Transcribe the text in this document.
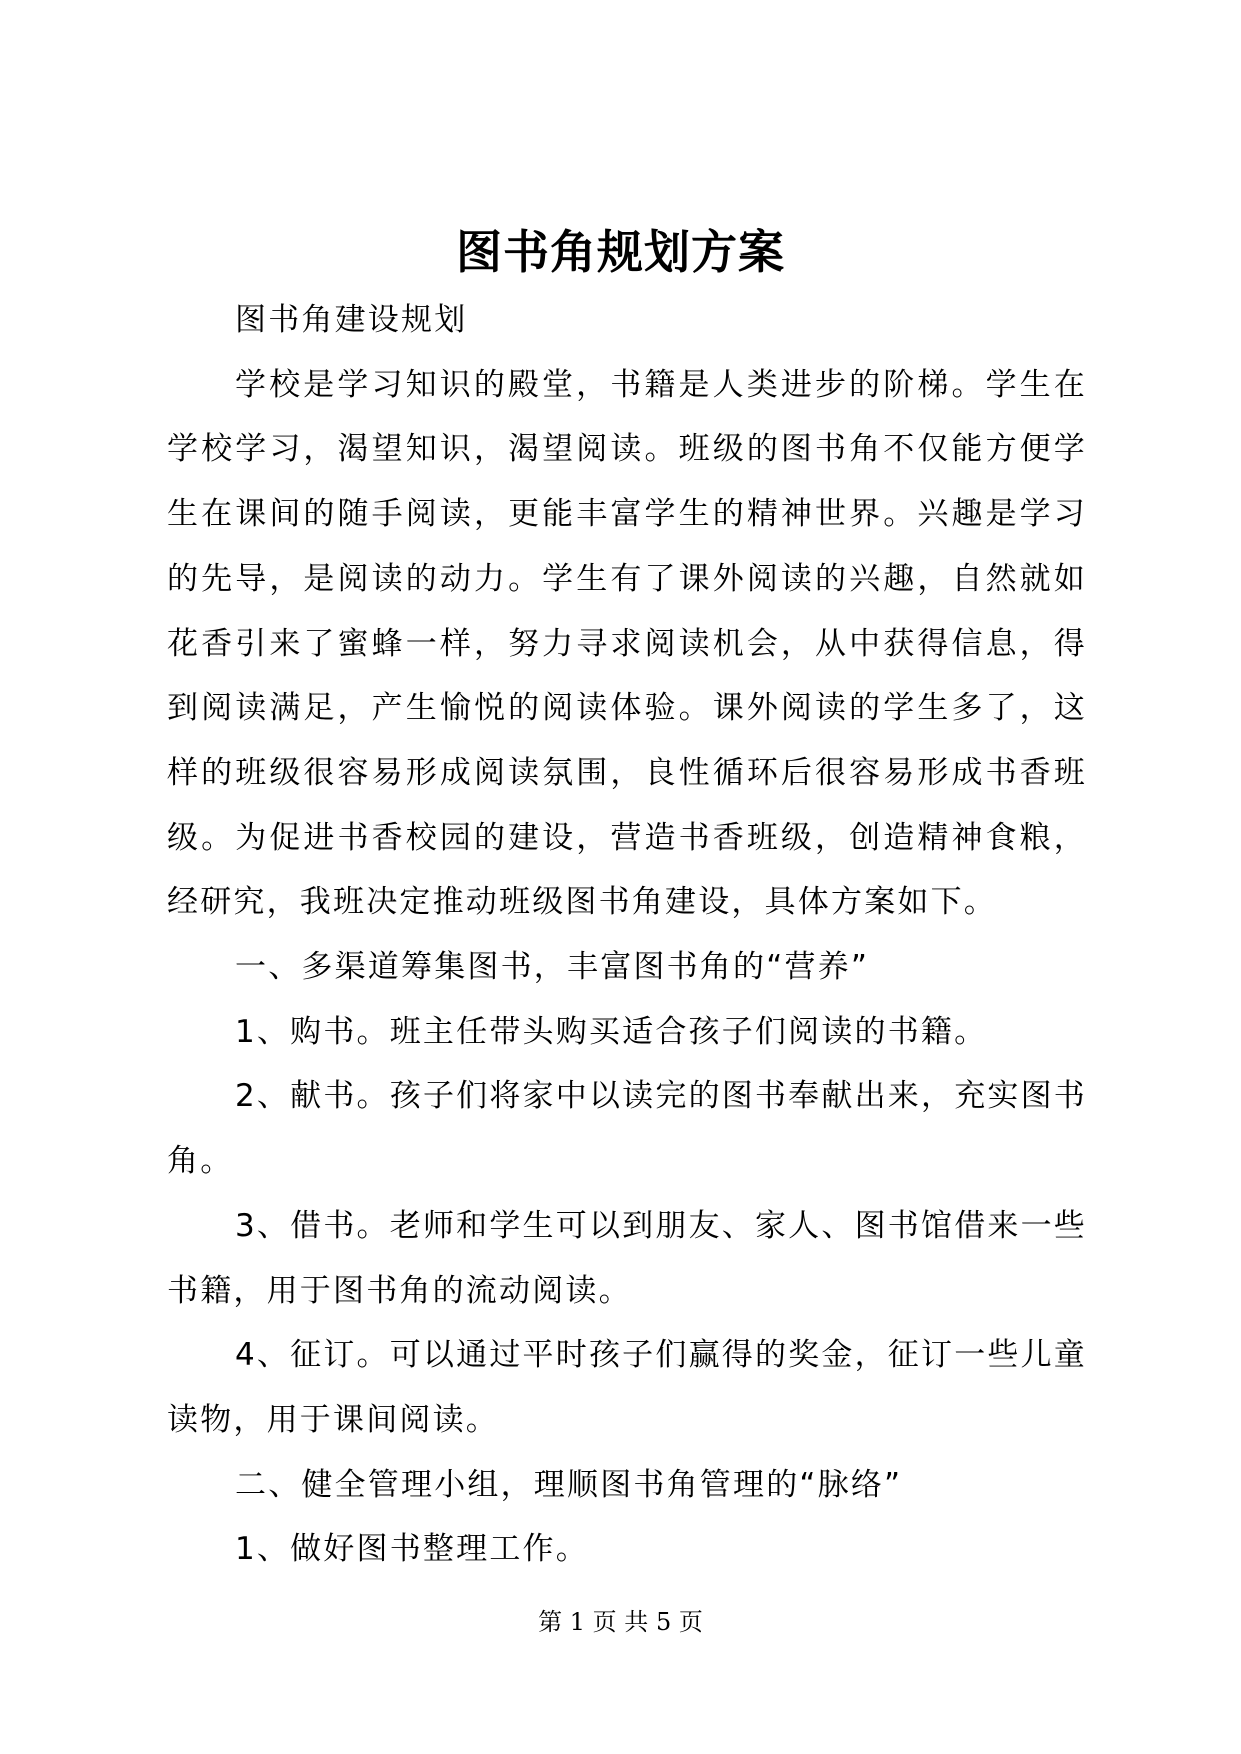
图书角规划方案

图书角建设规划

学校是学习知识的殿堂，书籍是人类进步的阶梯。学生在学校学习，渴望知识，渴望阅读。班级的图书角不仅能方便学生在课间的随手阅读，更能丰富学生的精神世界。兴趣是学习的先导，是阅读的动力。学生有了课外阅读的兴趣，自然就如花香引来了蜜蜂一样，努力寻求阅读机会，从中获得信息，得到阅读满足，产生愉悦的阅读体验。课外阅读的学生多了，这样的班级很容易形成阅读氛围，良性循环后很容易形成书香班级。为促进书香校园的建设，营造书香班级，创造精神食粮，经研究，我班决定推动班级图书角建设，具体方案如下。

一、多渠道筹集图书，丰富图书角的“营养”

1、购书。班主任带头购买适合孩子们阅读的书籍。

2、献书。孩子们将家中以读完的图书奉献出来，充实图书角。

3、借书。老师和学生可以到朋友、家人、图书馆借来一些书籍，用于图书角的流动阅读。

4、征订。可以通过平时孩子们赢得的奖金，征订一些儿童读物，用于课间阅读。

二、健全管理小组，理顺图书角管理的“脉络”

1、做好图书整理工作。

第 1 页 共 5 页
